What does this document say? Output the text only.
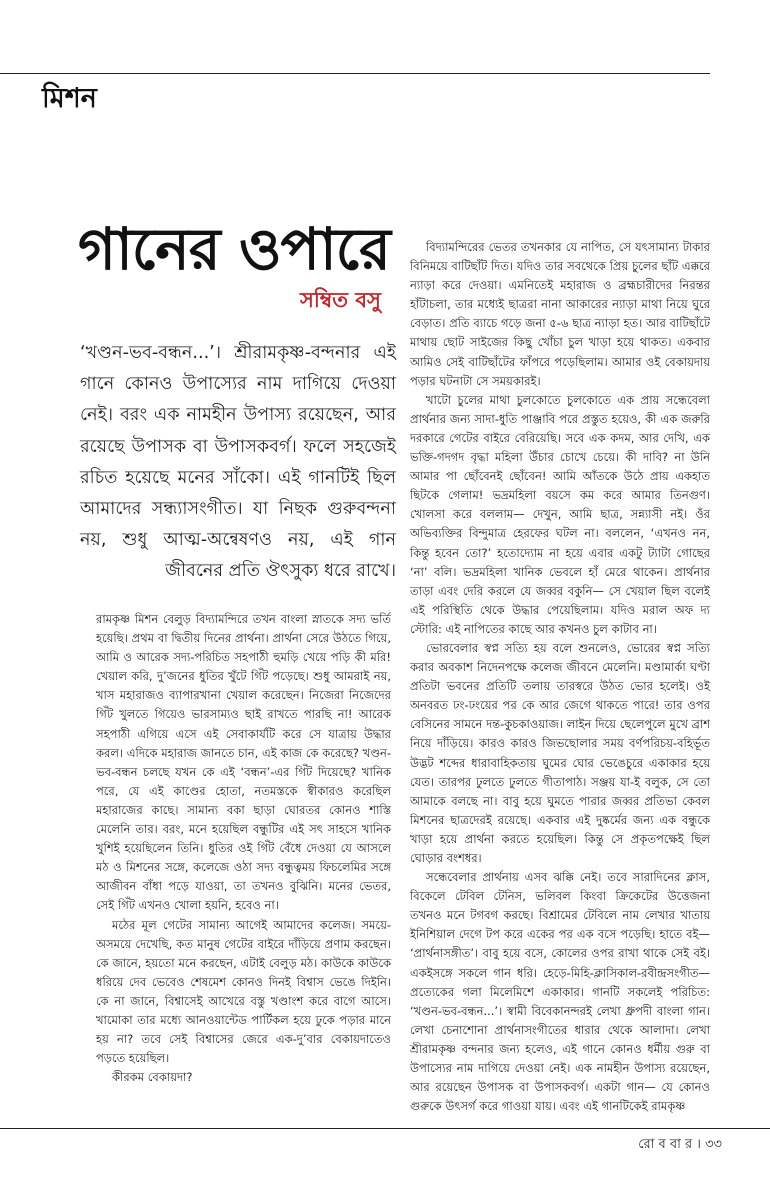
মিশন
গানের ওপারে
সম্বিত বসু

‘খণ্ডন-ভব-বন্ধন...’। শ্রীরামকৃষ্ণ-বন্দনার এই গানে কোনও উপাস্যের নাম দাগিয়ে দেওয়া নেই। বরং এক নামহীন উপাস্য রয়েছেন, আর রয়েছে উপাসক বা উপাসকবর্গ। ফলে সহজেই রচিত হয়েছে মনের সাঁকো। এই গানটিই ছিল আমাদের সন্ধ্যাসংগীত। যা নিছক গুরুবন্দনা নয়, শুধু আত্ম-অন্বেষণও নয়, এই গান জীবনের প্রতি ঔৎসুক্য ধরে রাখে।

রামকৃষ্ণ মিশন বেলুড় বিদ্যামন্দিরে তখন বাংলা স্নাতকে সদ্য ভর্তি হয়েছি। প্রথম বা দ্বিতীয় দিনের প্রার্থনা। প্রার্থনা সেরে উঠতে গিয়ে, আমি ও আরেক সদ্য-পরিচিত সহপাঠী হুমড়ি খেয়ে পড়ি কী মরি! খেয়াল করি, দু’জনের ধুতির খুঁটে গিঁট পড়েছে। শুধু আমরাই নয়, খাস মহারাজও ব্যাপারখানা খেয়াল করেছেন। নিজেরা নিজেদের গিঁট খুলতে গিয়েও ভারসাম্যও ছাই রাখতে পারছি না! আরেক সহপাঠী এগিয়ে এসে এই সেবাকার্যটি করে সে যাত্রায় উদ্ধার করল। এদিকে মহারাজ জানতে চান, এই কাজ কে করেছে? খণ্ডন-ভব-বন্ধন চলছে যখন কে এই ‘বন্ধন’-এর গিঁট দিয়েছে? খানিক পরে, যে এই কাণ্ডের হোতা, নতমস্তকে স্বীকারও করেছিল মহারাজের কাছে। সামান্য বকা ছাড়া ঘোরতর কোনও শাস্তি মেলেনি তার। বরং, মনে হয়েছিল বন্ধুটির এই সৎ সাহসে খানিক খুশিই হয়েছিলেন তিনি। ধুতির ওই গিঁট বেঁধে দেওয়া যে আসলে মঠ ও মিশনের সঙ্গে, কলেজে ওঠা সদ্য বন্ধুত্বময় ফিচলেমির সঙ্গে আজীবন বাঁধা পড়ে যাওয়া, তা তখনও বুঝিনি। মনের ভেতর, সেই গিঁট এখনও খোলা হয়নি, হবেও না।

মঠের মূল গেটের সামান্য আগেই আমাদের কলেজ। সময়ে-অসময়ে দেখেছি, কত মানুষ গেটের বাইরে দাঁড়িয়ে প্রণাম করছেন। কে জানে, হয়তো মনে করছেন, এটাই বেলুড় মঠ। কাউকে কাউকে ধরিয়ে দেব ভেবেও শেষমেশ কোনও দিনই বিশ্বাস ভেঙে দিইনি। কে না জানে, বিশ্বাসেই আখেরে বস্তু খণ্ডাংশ করে বাগে আসে। খামোকা তার মধ্যে আনওয়ান্টেড পার্টিকল হয়ে ঢুকে পড়ার মানে হয় না? তবে সেই বিশ্বাসের জেরে এক-দু’বার বেকায়দাতেও পড়তে হয়েছিল।

কীরকম বেকায়দা?

বিদ্যামন্দিরের ভেতর তখনকার যে নাপিত, সে যৎসামান্য টাকার বিনিময়ে বাটিছাঁট দিত। যদিও তার সবথেকে প্রিয় চুলের ছাঁট এক্করে ন্যাড়া করে দেওয়া। এমনিতেই মহারাজ ও ব্রহ্মচারীদের নিরন্তর হাঁটাচলা, তার মধ্যেই ছাত্ররা নানা আকারের ন্যাড়া মাথা নিয়ে ঘুরে বেড়াত। প্রতি ব্যাচে গড়ে জনা ৫-৬ ছাত্র ন্যাড়া হত। আর বাটিছাঁটে মাথায় ছোট সাইজের কিছু খোঁচা চুল খাড়া হয়ে থাকত। একবার আমিও সেই বাটিছাঁটের ফাঁপরে পড়েছিলাম। আমার ওই বেকায়দায় পড়ার ঘটনাটা সে সময়কারই।

খাটো চুলের মাথা চুলকোতে চুলকোতে এক প্রায় সন্ধেবেলা প্রার্থনার জন্য সাদা-ধুতি পাঞ্জাবি পরে প্রস্তুত হয়েও, কী এক জরুরি দরকারে গেটের বাইরে বেরিয়েছি। সবে এক কদম, আর দেখি, এক ভক্তি-গদগদ বৃদ্ধা মহিলা উঁচার চোখে চেয়ে। কী দাবি? না উনি আমার পা ছোঁবেনই ছোঁবেন! আমি আঁতকে উঠে প্রায় একহাত ছিটকে গেলাম! ভদ্রমহিলা বয়সে কম করে আমার তিনগুণ। খোলসা করে বললাম— দেখুন, আমি ছাত্র, সন্ন্যাসী নই। ওঁর অভিব্যক্তির বিন্দুমাত্র হেরফের ঘটল না। বললেন, ‘এখনও নন, কিন্তু হবেন তো?’ হতোদ্যোম না হয়ে এবার একটু ট্যাটা গোছের ‘না’ বলি। ভদ্রমহিলা খানিক ভেবলে হাঁ মেরে থাকেন। প্রার্থনার তাড়া এবং দেরি করলে যে জব্বর বকুনি— সে খেয়াল ছিল বলেই এই পরিস্থিতি থেকে উদ্ধার পেয়েছিলাম। যদিও মরাল অফ দ্য স্টোরি: এই নাপিতের কাছে আর কখনও চুল কাটাব না।

ভোরবেলার স্বপ্ন সত্যি হয় বলে শুনলেও, ভোরের স্বপ্ন সত্যি করার অবকাশ নিদেনপক্ষে কলেজ জীবনে মেলেনি। মণ্ডামার্কা ঘণ্টা প্রতিটা ভবনের প্রতিটি তলায় তারস্বরে উঠত ভোর হলেই। ওই অনবরত ঢং-ঢংয়ের পর কে আর জেগে থাকতে পারে! তার ওপর বেসিনের সামনে দন্ত-কুচকাওয়াজ। লাইন দিয়ে ছেলেপুলে মুখে ব্রাশ নিয়ে দাঁড়িয়ে। কারও কারও জিভছোলার সময় বর্ণপরিচয়-বহির্ভূত উদ্ভট শব্দের ধারাবাহিকতায় ঘুমের ঘোর ভেঙেচুরে একাকার হয়ে যেত। তারপর ঢুলতে ঢুলতে গীতাপাঠ। সঞ্জয় যা-ই বলুক, সে তো আমাকে বলছে না। বাবু হয়ে ঘুমতে পারার জব্বর প্রতিভা কেবল মিশনের ছাত্রদেরই রয়েছে। একবার এই দুষ্কর্মের জন্য এক বন্ধুকে খাড়া হয়ে প্রার্থনা করতে হয়েছিল। কিন্তু সে প্রকৃতপক্ষেই ছিল ঘোড়ার বংশধর।

সন্ধেবেলার প্রার্থনায় এসব ঝক্কি নেই। তবে সারাদিনের ক্লাস, বিকেলে টেবিল টেনিস, ভলিবল কিংবা ক্রিকেটের উত্তেজনা তখনও মনে টগবগ করছে। বিশ্রামের টেবিলে নাম লেখার খাতায় ইনিশিয়াল দেগে টপ করে একের পর এক বসে পড়েছি। হাতে বই— ‘প্রার্থনাসঙ্গীত’। বাবু হয়ে বসে, কোলের ওপর রাখা থাকে সেই বই। একইসঙ্গে সকলে গান ধরি। হেড়ে-মিহি-ক্লাসিকাল-রবীন্দ্রসংগীত— প্রত্যেকের গলা মিলেমিশে একাকার। গানটি সকলেই পরিচিত: ‘খণ্ডন-ভব-বন্ধন...’। স্বামী বিবেকানন্দরই লেখা ধ্রুপদী বাংলা গান। লেখা চেনাশোনা প্রার্থনাসংগীতের ধারার থেকে আলাদা। লেখা শ্রীরামকৃষ্ণ বন্দনার জন্য হলেও, এই গানে কোনও ধর্মীয় গুরু বা উপাস্যের নাম দাগিয়ে দেওয়া নেই। এক নামহীন উপাস্য রয়েছেন, আর রয়েছেন উপাসক বা উপাসকবর্গ। একটা গান— যে কোনও গুরুকে উৎসর্গ করে গাওয়া যায়। এবং এই গানটিকেই রামকৃষ্ণ

রো ব বা র । ৩৩
